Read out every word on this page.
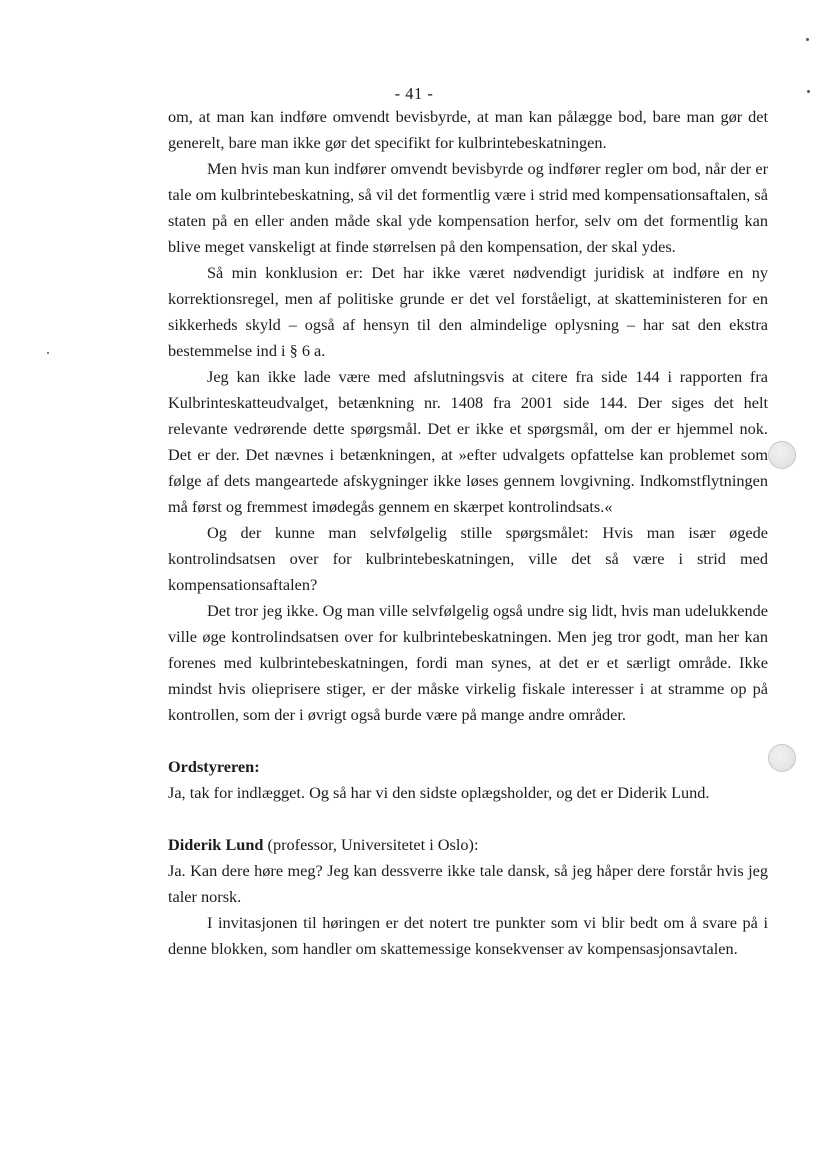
- 41 -

om, at man kan indføre omvendt bevisbyrde, at man kan pålægge bod, bare man gør det generelt, bare man ikke gør det specifikt for kulbrintebeskatningen.

Men hvis man kun indfører omvendt bevisbyrde og indfører regler om bod, når der er tale om kulbrintebeskatning, så vil det formentlig være i strid med kompensationsaftalen, så staten på en eller anden måde skal yde kompensation herfor, selv om det formentlig kan blive meget vanskeligt at finde størrelsen på den kompensation, der skal ydes.

Så min konklusion er: Det har ikke været nødvendigt juridisk at indføre en ny korrektionsregel, men af politiske grunde er det vel forståeligt, at skatteministeren for en sikkerheds skyld – også af hensyn til den almindelige oplysning – har sat den ekstra bestemmelse ind i § 6 a.

Jeg kan ikke lade være med afslutningsvis at citere fra side 144 i rapporten fra Kulbrinteskatteudvalget, betænkning nr. 1408 fra 2001 side 144. Der siges det helt relevante vedrørende dette spørgsmål. Det er ikke et spørgsmål, om der er hjemmel nok. Det er der. Det nævnes i betænkningen, at »efter udvalgets opfattelse kan problemet som følge af dets mangeartede afskygninger ikke løses gennem lovgivning. Indkomstflytningen må først og fremmest imødegås gennem en skærpet kontrolindsats.«

Og der kunne man selvfølgelig stille spørgsmålet: Hvis man især øgede kontrolindsatsen over for kulbrintebeskatningen, ville det så være i strid med kompensationsaftalen?

Det tror jeg ikke. Og man ville selvfølgelig også undre sig lidt, hvis man udelukkende ville øge kontrolindsatsen over for kulbrintebeskatningen. Men jeg tror godt, man her kan forenes med kulbrintebeskatningen, fordi man synes, at det er et særligt område. Ikke mindst hvis olieprisere stiger, er der måske virkelig fiskale interesser i at stramme op på kontrollen, som der i øvrigt også burde være på mange andre områder.

Ordstyreren:

Ja, tak for indlægget. Og så har vi den sidste oplægsholder, og det er Diderik Lund.

Diderik Lund (professor, Universitetet i Oslo):

Ja. Kan dere høre meg? Jeg kan dessverre ikke tale dansk, så jeg håper dere forstår hvis jeg taler norsk.

I invitasjonen til høringen er det notert tre punkter som vi blir bedt om å svare på i denne blokken, som handler om skattemessige konsekvenser av kompensasjonsavtalen.
